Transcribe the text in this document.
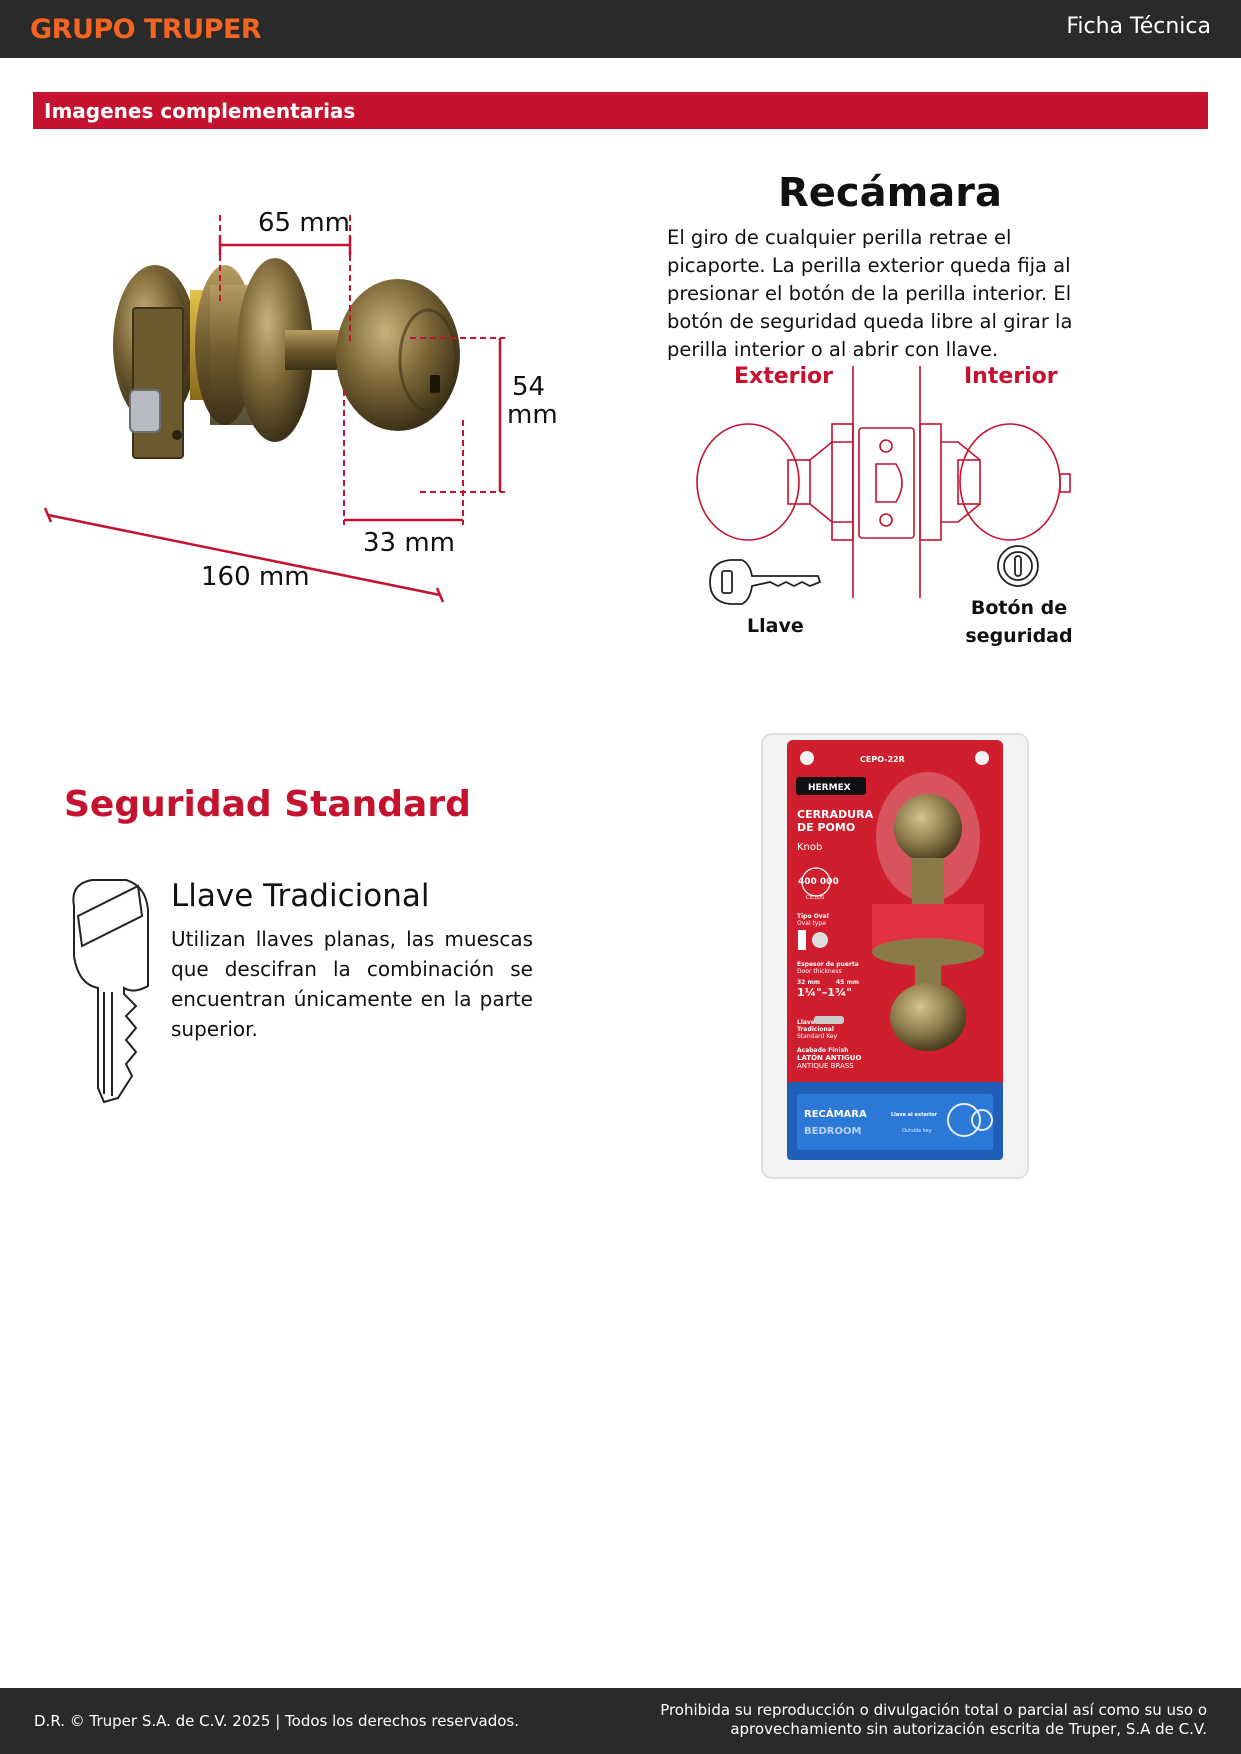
GRUPO TRUPER	Ficha Técnica
Imagenes complementarias
65 mm
54
mm
33 mm
160 mm
Recámara
El giro de cualquier perilla retrae el picaporte. La perilla exterior queda fija al presionar el botón de la perilla interior. El botón de seguridad queda libre al girar la perilla interior o al abrir con llave.
Exterior	Interior
Llave
Botón de
seguridad
Seguridad Standard
Llave Tradicional
Utilizan llaves planas, las muescas que descifran la combinación se encuentran únicamente en la parte superior.
CEPO-22R
HERMEX
CERRADURA
DE POMO
Knob
400 000
CICLOS
Tipo Oval
Oval type
Espesor de puerta
Door thickness
32 mm	45 mm
1¼"–1¾"
Llave
Tradicional
Standard Key
Acabado Finish
LATÓN ANTIGUO
ANTIQUE BRASS
RECÁMARA
BEDROOM
Llave al exterior
Outside key
D.R. © Truper S.A. de C.V. 2025 | Todos los derechos reservados.
Prohibida su reproducción o divulgación total o parcial así como su uso o
aprovechamiento sin autorización escrita de Truper, S.A de C.V.
